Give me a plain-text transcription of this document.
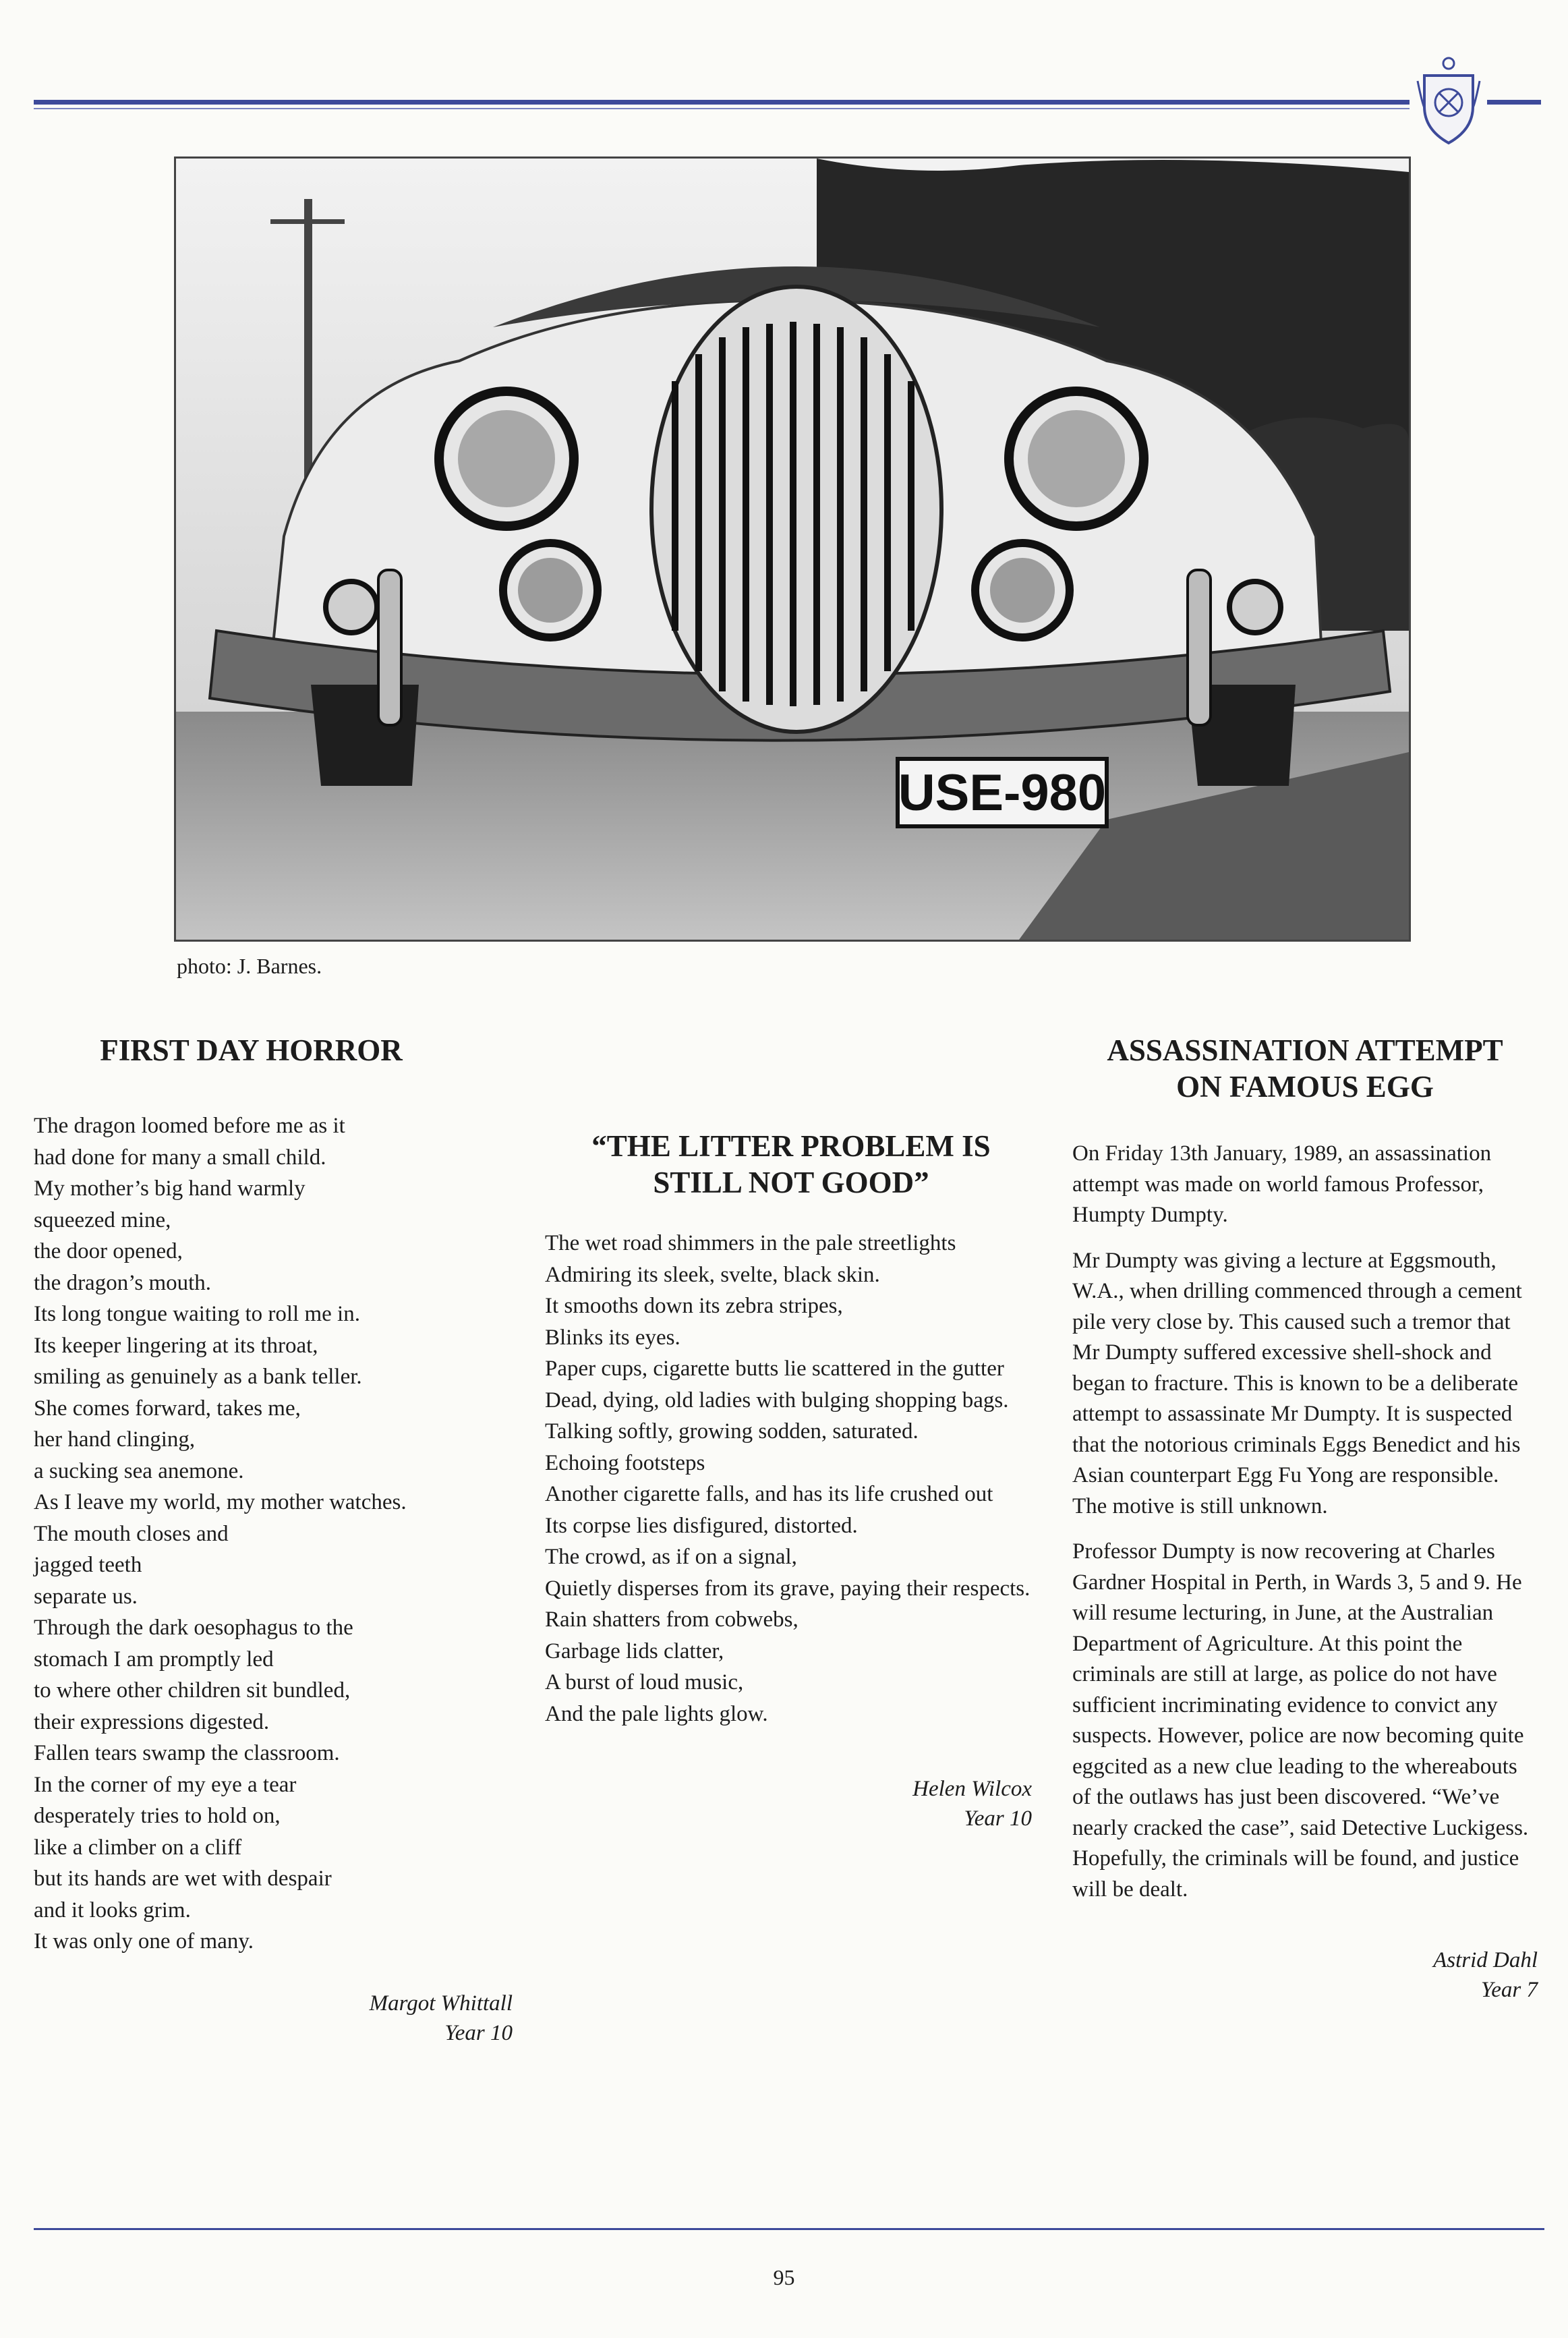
USE-980
photo: J. Barnes.
FIRST DAY HORROR
The dragon loomed before me as it
had done for many a small child.
My mother’s big hand warmly
squeezed mine,
the door opened,
the dragon’s mouth.
Its long tongue waiting to roll me in.
Its keeper lingering at its throat,
smiling as genuinely as a bank teller.
She comes forward, takes me,
her hand clinging,
a sucking sea anemone.
As I leave my world, my mother watches.
The mouth closes and
jagged teeth
separate us.
Through the dark oesophagus to the
stomach I am promptly led
to where other children sit bundled,
their expressions digested.
Fallen tears swamp the classroom.
In the corner of my eye a tear
desperately tries to hold on,
like a climber on a cliff
but its hands are wet with despair
and it looks grim.
It was only one of many.
Margot Whittall
Year 10
“THE LITTER PROBLEM IS
STILL NOT GOOD”
The wet road shimmers in the pale streetlights
Admiring its sleek, svelte, black skin.
It smooths down its zebra stripes,
Blinks its eyes.
Paper cups, cigarette butts lie scattered in the gutter
Dead, dying, old ladies with bulging shopping bags.
Talking softly, growing sodden, saturated.
Echoing footsteps
Another cigarette falls, and has its life crushed out
Its corpse lies disfigured, distorted.
The crowd, as if on a signal,
Quietly disperses from its grave, paying their respects.
Rain shatters from cobwebs,
Garbage lids clatter,
A burst of loud music,
And the pale lights glow.
Helen Wilcox
Year 10
ASSASSINATION ATTEMPT
ON FAMOUS EGG

On Friday 13th January, 1989, an assassination attempt was made on world famous Professor, Humpty Dumpty.

Mr Dumpty was giving a lecture at Eggsmouth, W.A., when drilling commenced through a cement pile very close by. This caused such a tremor that Mr Dumpty suffered excessive shell-shock and began to fracture. This is known to be a deliberate attempt to assassinate Mr Dumpty. It is suspected that the notorious criminals Eggs Benedict and his Asian counterpart Egg Fu Yong are responsible. The motive is still unknown.

Professor Dumpty is now recovering at Charles Gardner Hospital in Perth, in Wards 3, 5 and 9. He will resume lecturing, in June, at the Australian Department of Agriculture. At this point the criminals are still at large, as police do not have sufficient incriminating evidence to convict any suspects. However, police are now becoming quite eggcited as a new clue leading to the whereabouts of the outlaws has just been discovered. “We’ve nearly cracked the case”, said Detective Luckigess. Hopefully, the criminals will be found, and justice will be dealt.

Astrid Dahl
Year 7
95
